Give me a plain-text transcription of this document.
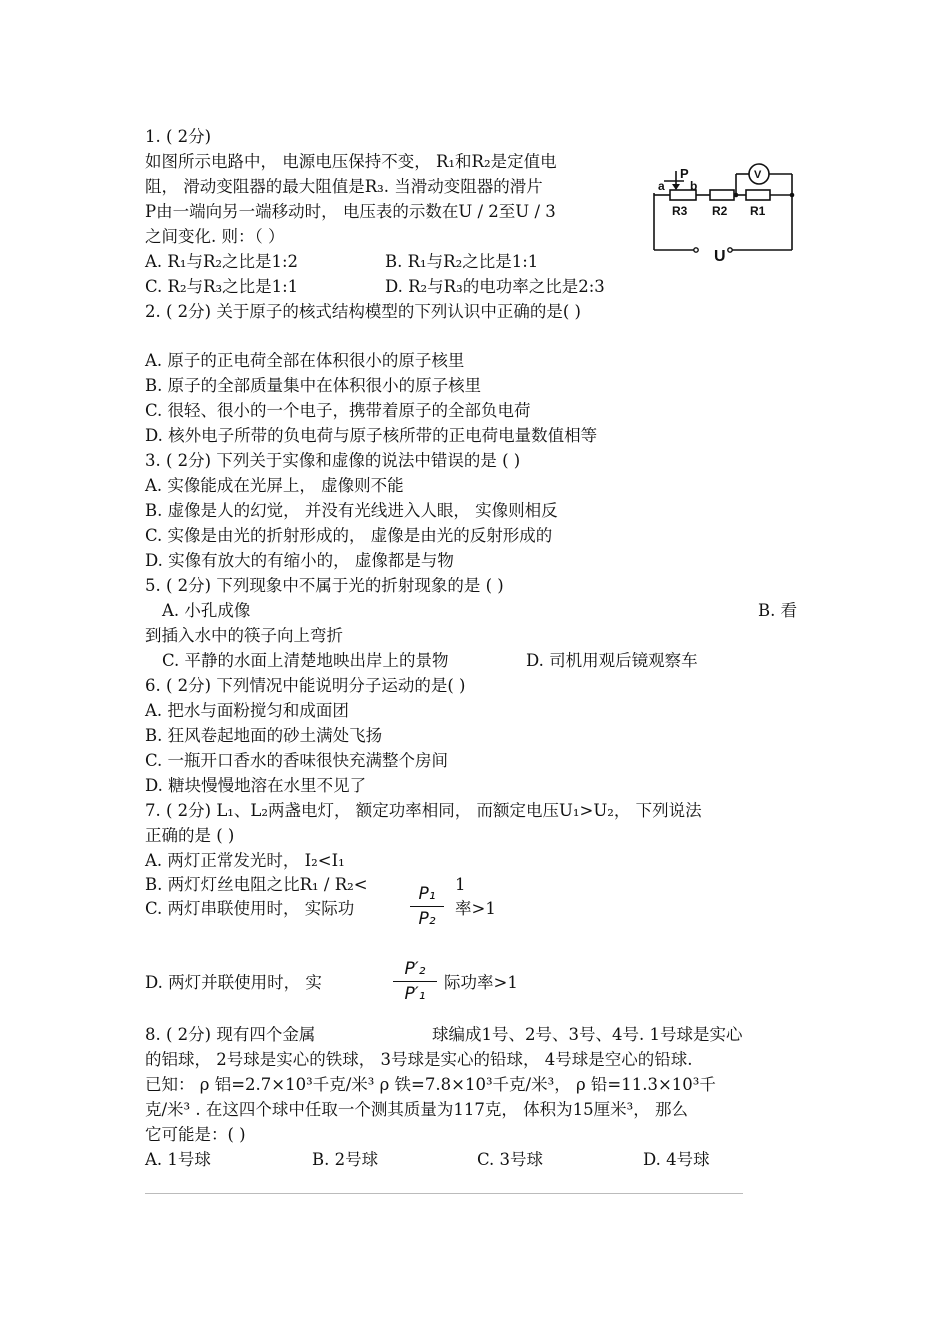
1. ( 2分)
如图所示电路中， 电源电压保持不变， R₁和R₂是定值电
阻， 滑动变阻器的最大阻值是R₃. 当滑动变阻器的滑片
P由一端向另一端移动时， 电压表的示数在U / 2至U / 3
之间变化. 则：（ ）
A. R₁与R₂之比是1:2	B. R₁与R₂之比是1:1
C. R₂与R₃之比是1:1	D. R₂与R₃的电功率之比是2:3
a
P
b
R3 R2 R1
V
U
2. ( 2分) 关于原子的核式结构模型的下列认识中正确的是( )
A. 原子的正电荷全部在体积很小的原子核里
B. 原子的全部质量集中在体积很小的原子核里
C. 很轻、很小的一个电子，携带着原子的全部负电荷
D. 核外电子所带的负电荷与原子核所带的正电荷电量数值相等
3. ( 2分) 下列关于实像和虚像的说法中错误的是 ( )
A. 实像能成在光屏上， 虚像则不能
B. 虚像是人的幻觉， 并没有光线进入人眼， 实像则相反
C. 实像是由光的折射形成的， 虚像是由光的反射形成的
D. 实像有放大的有缩小的， 虚像都是与物
5. ( 2分) 下列现象中不属于光的折射现象的是 ( )
A. 小孔成像	B. 看
到插入水中的筷子向上弯折
C. 平静的水面上清楚地映出岸上的景物	D. 司机用观后镜观察车
6. ( 2分) 下列情况中能说明分子运动的是( )
A. 把水与面粉搅匀和成面团
B. 狂风卷起地面的砂土满处飞扬
C. 一瓶开口香水的香味很快充满整个房间
D. 糖块慢慢地溶在水里不见了
7. ( 2分) L₁、L₂两盏电灯， 额定功率相同， 而额定电压U₁>U₂， 下列说法
正确的是 ( )
A. 两灯正常发光时， I₂<I₁
B. 两灯灯丝电阻之比R₁ / R₂<	1
C. 两灯串联使用时， 实际功
P₁
P₂
率>1
D. 两灯并联使用时， 实
P′₂
P′₁
际功率>1
8. ( 2分) 现有四个金属	球编成1号、2号、3号、4号. 1号球是实心
的铝球， 2号球是实心的铁球， 3号球是实心的铅球， 4号球是空心的铅球.
已知： ρ 铝=2.7×10³千克/米³ ρ 铁=7.8×10³千克/米³， ρ 铅=11.3×10³千
克/米³ . 在这四个球中任取一个测其质量为117克， 体积为15厘米³， 那么
它可能是：( )
A. 1号球	B. 2号球	C. 3号球	D. 4号球
